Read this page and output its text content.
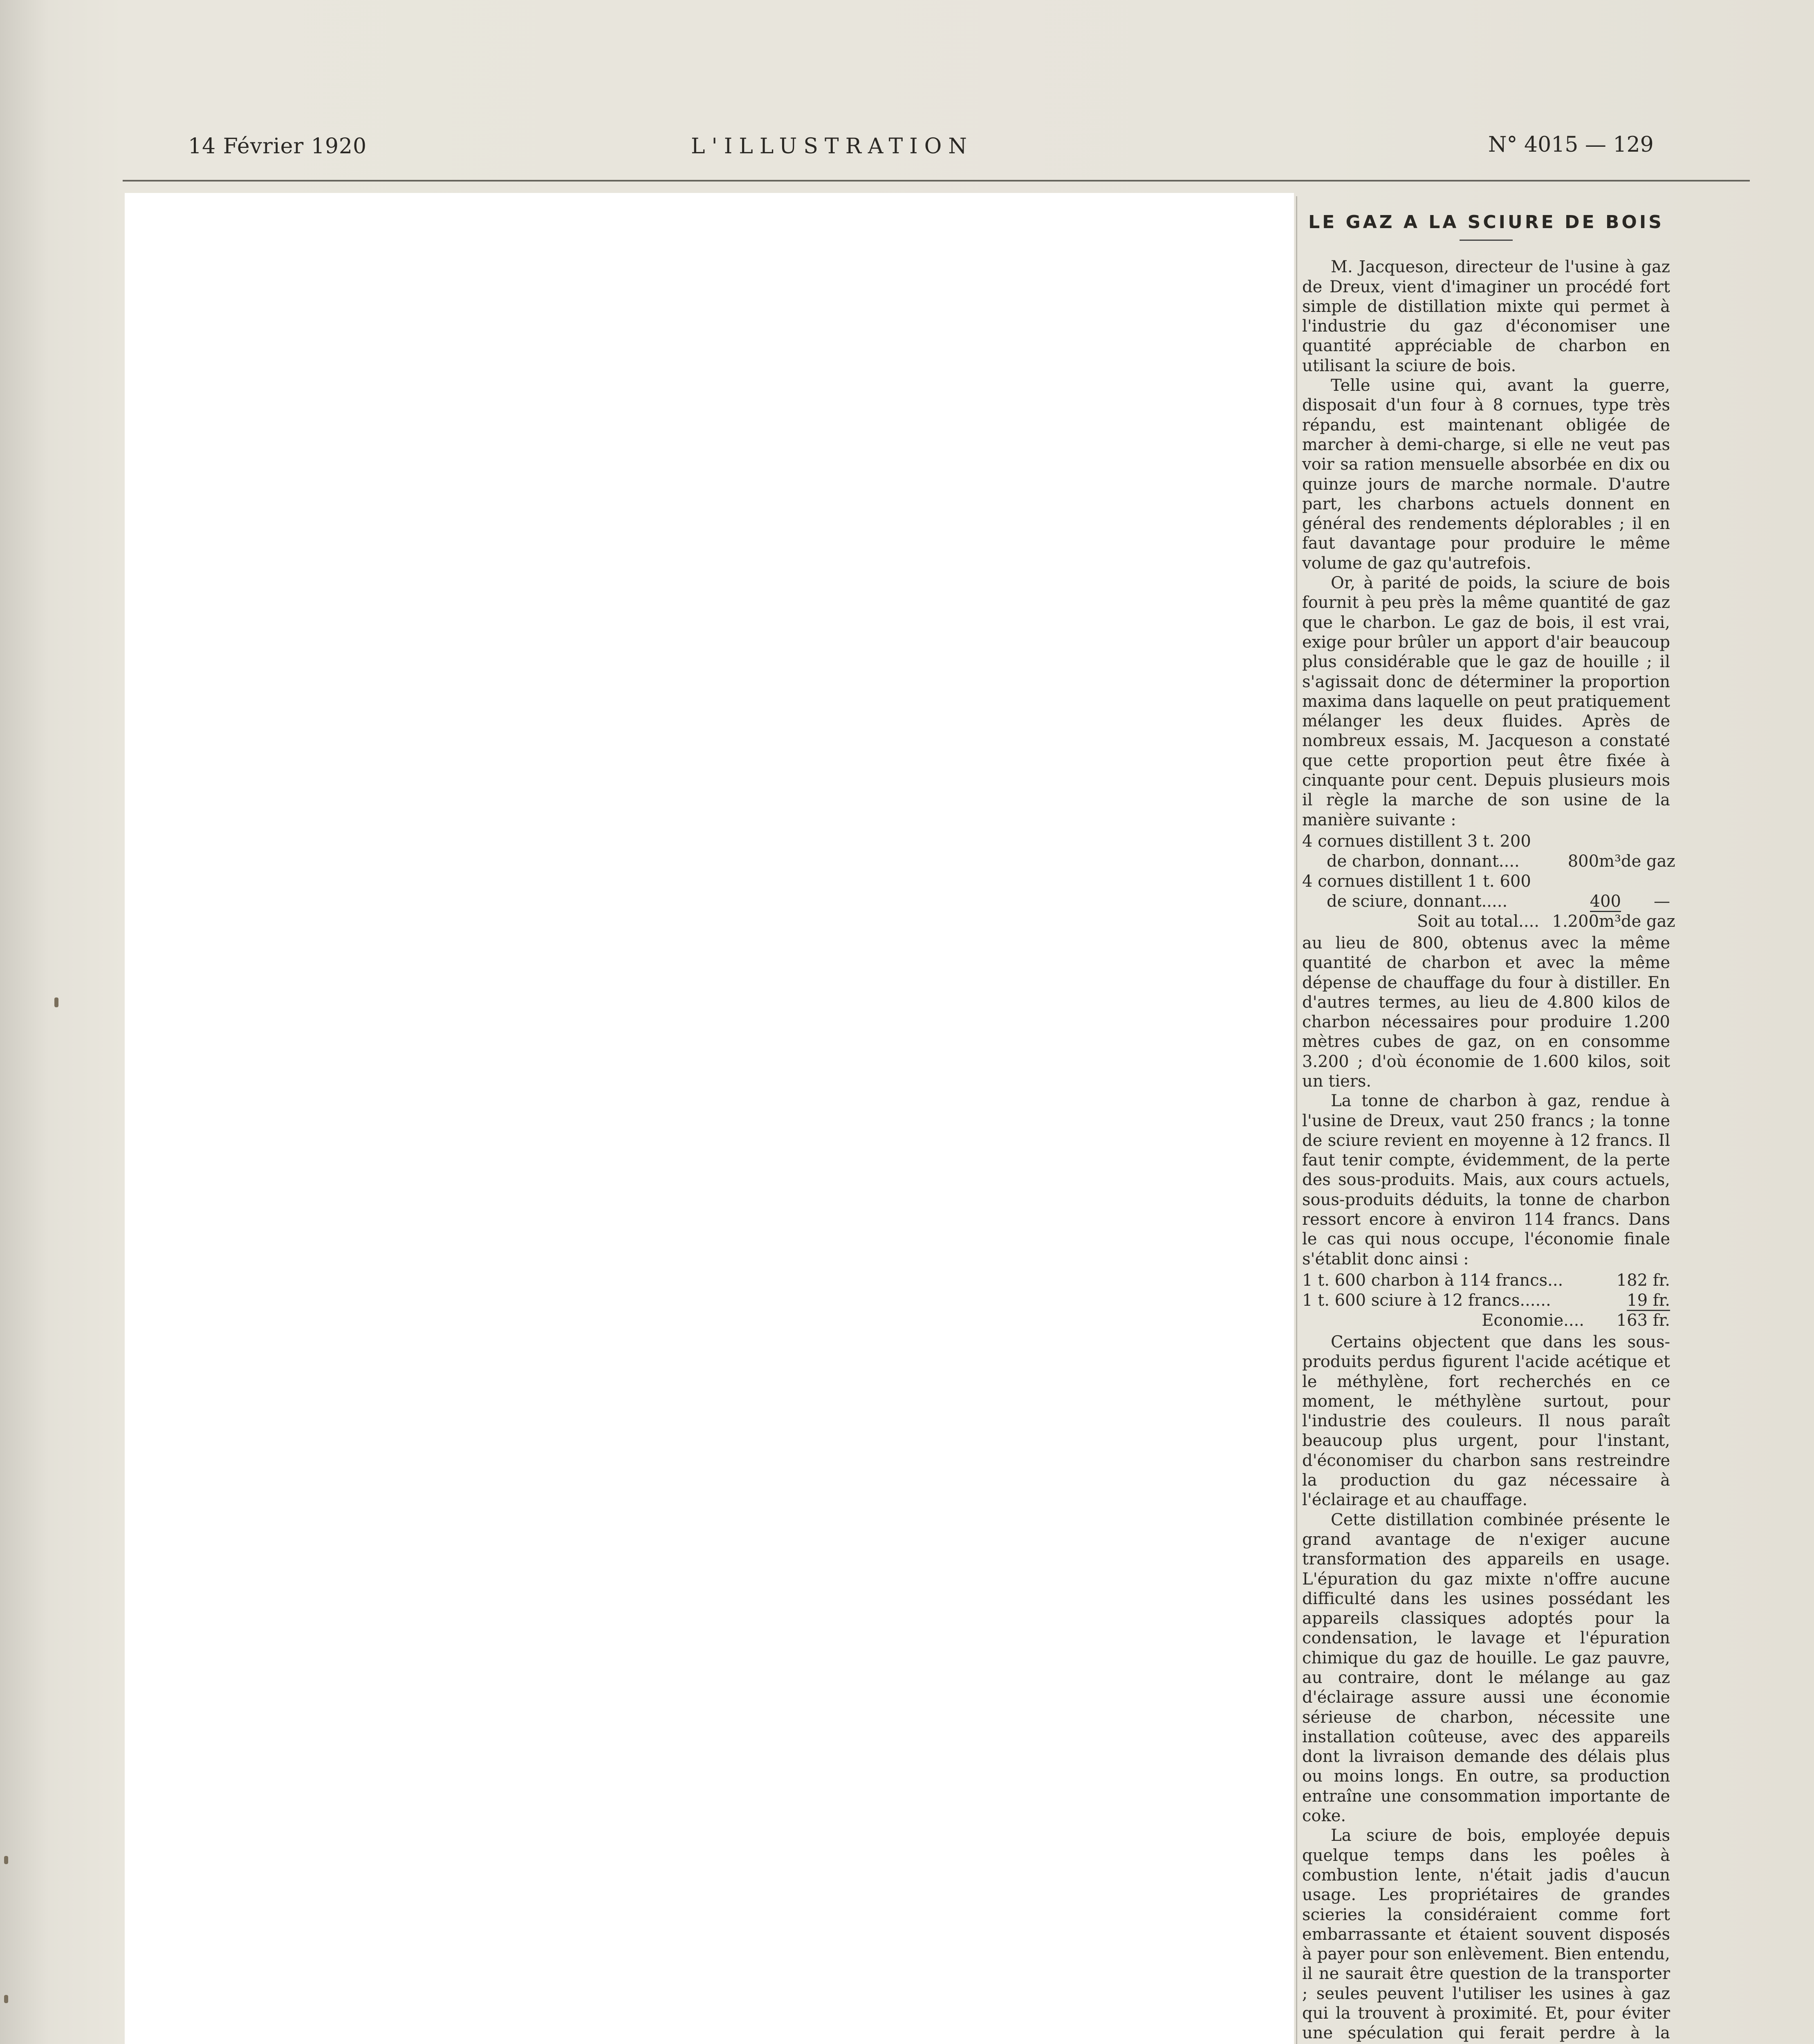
14 Février 1920	L'ILLUSTRATION	N° 4015 — 129
LE GAZ A LA SCIURE DE BOIS

M. Jacqueson, directeur de l'usine à gaz de Dreux, vient d'imaginer un procédé fort simple de distillation mixte qui permet à l'industrie du gaz d'économiser une quantité appréciable de charbon en utilisant la sciure de bois.

Telle usine qui, avant la guerre, disposait d'un four à 8 cornues, type très répandu, est maintenant obligée de marcher à demi-charge, si elle ne veut pas voir sa ration mensuelle absorbée en dix ou quinze jours de marche normale. D'autre part, les charbons actuels donnent en général des rendements déplorables ; il en faut davantage pour produire le même volume de gaz qu'autrefois.

Or, à parité de poids, la sciure de bois fournit à peu près la même quantité de gaz que le charbon. Le gaz de bois, il est vrai, exige pour brûler un apport d'air beaucoup plus considérable que le gaz de houille ; il s'agissait donc de déterminer la proportion maxima dans laquelle on peut pratiquement mélanger les deux fluides. Après de nombreux essais, M. Jacqueson a constaté que cette proportion peut être fixée à cinquante pour cent. Depuis plusieurs mois il règle la marche de son usine de la manière suivante :

4 cornues distillent 3 t. 200
de charbon, donnant....	800m³ de gaz
4 cornues distillent 1 t. 600
de sciure, donnant.....	400	—
Soit au total.... 1.200m³ de gaz

au lieu de 800, obtenus avec la même quantité de charbon et avec la même dépense de chauffage du four à distiller. En d'autres termes, au lieu de 4.800 kilos de charbon nécessaires pour produire 1.200 mètres cubes de gaz, on en consomme 3.200 ; d'où économie de 1.600 kilos, soit un tiers.

La tonne de charbon à gaz, rendue à l'usine de Dreux, vaut 250 francs ; la tonne de sciure revient en moyenne à 12 francs. Il faut tenir compte, évidemment, de la perte des sous-produits. Mais, aux cours actuels, sous-produits déduits, la tonne de charbon ressort encore à environ 114 francs. Dans le cas qui nous occupe, l'économie finale s'établit donc ainsi :

1 t. 600 charbon à 114 francs...	182 fr.
1 t. 600 sciure à 12 francs......	19 fr.
Economie....	163 fr.

Certains objectent que dans les sous-produits perdus figurent l'acide acétique et le méthylène, fort recherchés en ce moment, le méthylène surtout, pour l'industrie des couleurs. Il nous paraît beaucoup plus urgent, pour l'instant, d'économiser du charbon sans restreindre la production du gaz nécessaire à l'éclairage et au chauffage.

Cette distillation combinée présente le grand avantage de n'exiger aucune transformation des appareils en usage. L'épuration du gaz mixte n'offre aucune difficulté dans les usines possédant les appareils classiques adoptés pour la condensation, le lavage et l'épuration chimique du gaz de houille. Le gaz pauvre, au contraire, dont le mélange au gaz d'éclairage assure aussi une économie sérieuse de charbon, nécessite une installation coûteuse, avec des appareils dont la livraison demande des délais plus ou moins longs. En outre, sa production entraîne une consommation importante de coke.

La sciure de bois, employée depuis quelque temps dans les poêles à combustion lente, n'était jadis d'aucun usage. Les propriétaires de grandes scieries la considéraient comme fort embarrassante et étaient souvent disposés à payer pour son enlèvement. Bien entendu, il ne saurait être question de la transporter ; seules peuvent l'utiliser les usines à gaz qui la trouvent à proximité. Et, pour éviter une spéculation qui ferait perdre à la
